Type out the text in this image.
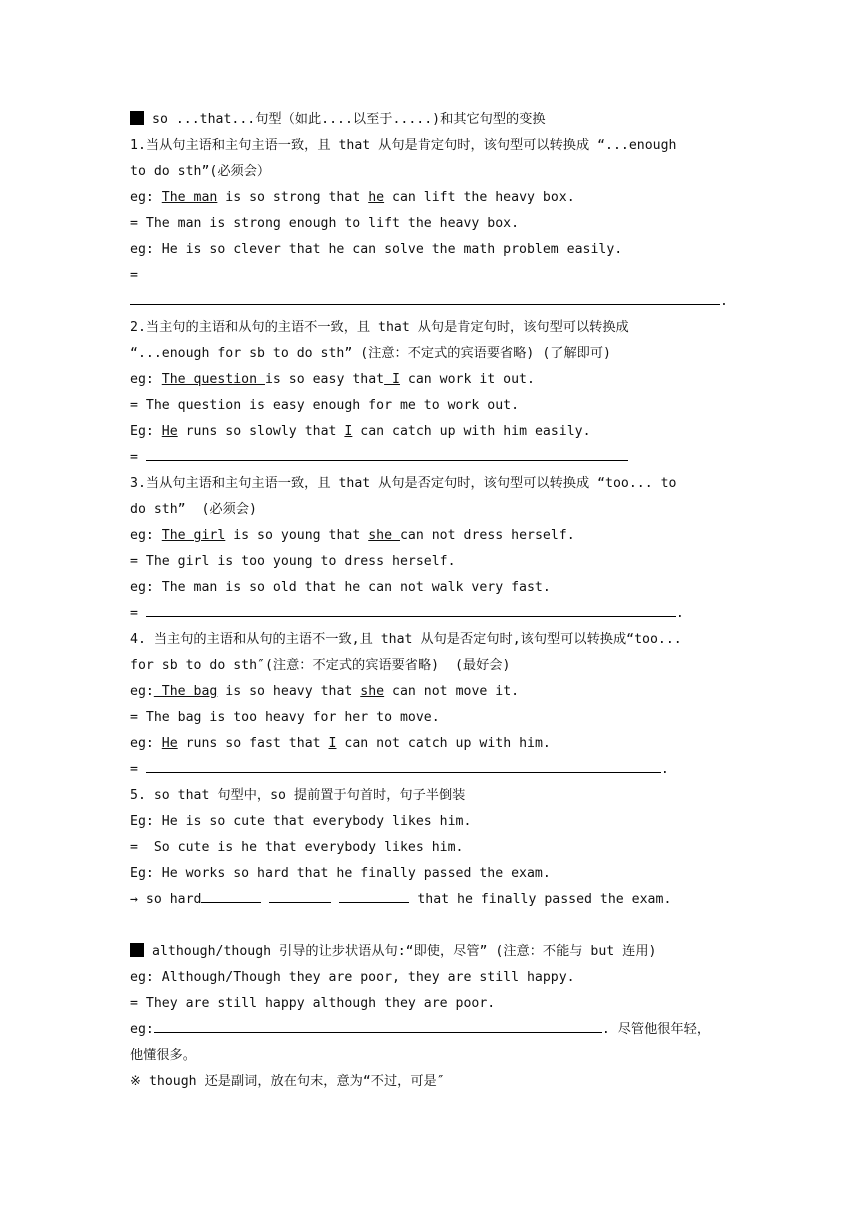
so ...that...句型（如此....以至于.....)和其它句型的变换
1.当从句主语和主句主语一致，且 that 从句是肯定句时，该句型可以转换成 “...enough
to do sth”(必须会）
eg: The man is so strong that he can lift the heavy box.
= The man is strong enough to lift the heavy box.
eg: He is so clever that he can solve the math problem easily.
=
.
2.当主句的主语和从句的主语不一致，且 that 从句是肯定句时，该句型可以转换成
“...enough for sb to do sth” (注意：不定式的宾语要省略) (了解即可)
eg: The question is so easy that I can work it out.
= The question is easy enough for me to work out.
Eg: He runs so slowly that I can catch up with him easily.
=
3.当从句主语和主句主语一致，且 that 从句是否定句时，该句型可以转换成 “too... to
do sth”  (必须会)
eg: The girl is so young that she can not dress herself.
= The girl is too young to dress herself.
eg: The man is so old that he can not walk very fast.
=	.
4. 当主句的主语和从句的主语不一致,且 that 从句是否定句时,该句型可以转换成“too...
for sb to do sth″(注意：不定式的宾语要省略)  (最好会)
eg: The bag is so heavy that she can not move it.
= The bag is too heavy for her to move.
eg: He runs so fast that I can not catch up with him.
=	.
5. so that 句型中，so 提前置于句首时，句子半倒装
Eg: He is so cute that everybody likes him.
=  So cute is he that everybody likes him.
Eg: He works so hard that he finally passed the exam.
→ so hard	that he finally passed the exam.
although/though 引导的让步状语从句:“即使，尽管” (注意：不能与 but 连用)
eg: Although/Though they are poor, they are still happy.
= They are still happy although they are poor.
eg:	. 尽管他很年轻，
他懂很多。
※ though 还是副词，放在句末，意为“不过，可是″
